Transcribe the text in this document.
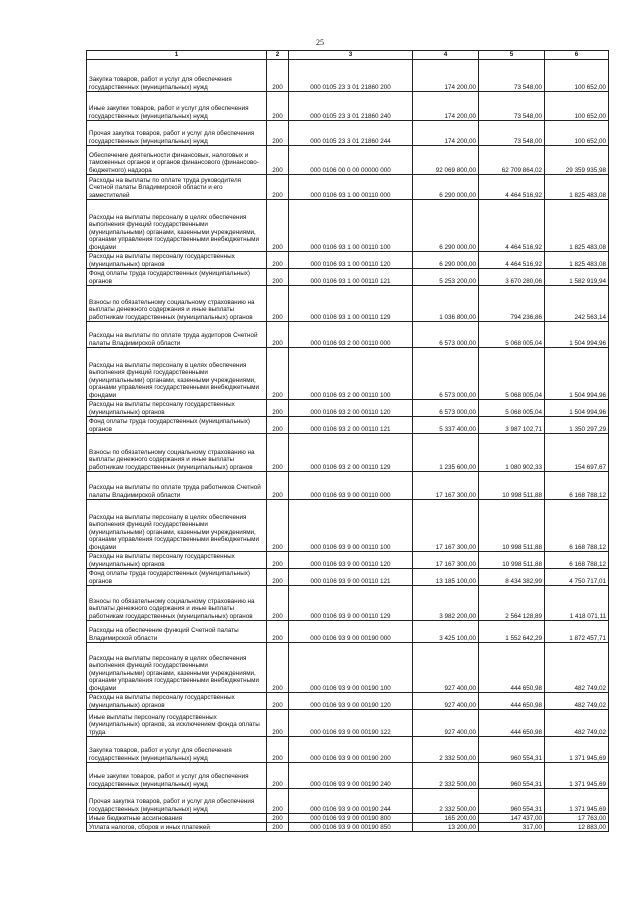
25
1	2	3	4	5	6
Закупка товаров, работ и услуг для обеспечения государственных (муниципальных) нужд	200	000 0105 23 3 01 21860 200	174 200,00	73 548,00	100 652,00
Иные закупки товаров, работ и услуг для обеспечения государственных (муниципальных) нужд	200	000 0105 23 3 01 21860 240	174 200,00	73 548,00	100 652,00
Прочая закупка товаров, работ и услуг для обеспечения государственных (муниципальных) нужд	200	000 0105 23 3 01 21860 244	174 200,00	73 548,00	100 652,00
Обеспечение деятельности финансовых, налоговых и таможенных органов и органов финансового (финансово-бюджетного) надзора	200	000 0106 00 0 00 00000 000	92 069 800,00	62 709 864,02	29 359 935,98
Расходы на выплаты по оплате труда руководителя Счетной палаты Владимирской области и его заместителей	200	000 0106 93 1 00 00110 000	6 290 000,00	4 464 516,92	1 825 483,08
Расходы на выплаты персоналу в целях обеспечения выполнения функций государственными (муниципальными) органами, казенными учреждениями, органами управления государственными внебюджетными фондами	200	000 0106 93 1 00 00110 100	6 290 000,00	4 464 516,92	1 825 483,08
Расходы на выплаты персоналу государственных (муниципальных) органов	200	000 0106 93 1 00 00110 120	6 290 000,00	4 464 516,92	1 825 483,08
Фонд оплаты труда государственных (муниципальных) органов	200	000 0106 93 1 00 00110 121	5 253 200,00	3 670 280,06	1 582 919,94
Взносы по обязательному социальному страхованию на выплаты денежного содержания и иные выплаты работникам государственных (муниципальных) органов	200	000 0106 93 1 00 00110 129	1 036 800,00	794 236,86	242 563,14
Расходы на выплаты по оплате труда аудиторов Счетной палаты Владимирской области	200	000 0106 93 2 00 00110 000	6 573 000,00	5 068 005,04	1 504 994,96
Расходы на выплаты персоналу в целях обеспечения выполнения функций государственными (муниципальными) органами, казенными учреждениями, органами управления государственными внебюджетными фондами	200	000 0106 93 2 00 00110 100	6 573 000,00	5 068 005,04	1 504 994,96
Расходы на выплаты персоналу государственных (муниципальных) органов	200	000 0106 93 2 00 00110 120	6 573 000,00	5 068 005,04	1 504 994,96
Фонд оплаты труда государственных (муниципальных) органов	200	000 0106 93 2 00 00110 121	5 337 400,00	3 987 102,71	1 350 297,29
Взносы по обязательному социальному страхованию на выплаты денежного содержания и иные выплаты работникам государственных (муниципальных) органов	200	000 0106 93 2 00 00110 129	1 235 600,00	1 080 902,33	154 697,67
Расходы на выплаты по оплате труда работников Счетной палаты Владимирской области	200	000 0106 93 9 00 00110 000	17 167 300,00	10 998 511,88	6 168 788,12
Расходы на выплаты персоналу в целях обеспечения выполнения функций государственными (муниципальными) органами, казенными учреждениями, органами управления государственными внебюджетными фондами	200	000 0106 93 9 00 00110 100	17 167 300,00	10 998 511,88	6 168 788,12
Расходы на выплаты персоналу государственных (муниципальных) органов	200	000 0106 93 9 00 00110 120	17 167 300,00	10 998 511,88	6 168 788,12
Фонд оплаты труда государственных (муниципальных) органов	200	000 0106 93 9 00 00110 121	13 185 100,00	8 434 382,99	4 750 717,01
Взносы по обязательному социальному страхованию на выплаты денежного содержания и иные выплаты работникам государственных (муниципальных) органов	200	000 0106 93 9 00 00110 129	3 982 200,00	2 564 128,89	1 418 071,11
Расходы на обеспечение функций Счетной палаты Владимирской области	200	000 0106 93 9 00 00190 000	3 425 100,00	1 552 642,29	1 872 457,71
Расходы на выплаты персоналу в целях обеспечения выполнения функций государственными (муниципальными) органами, казенными учреждениями, органами управления государственными внебюджетными фондами	200	000 0106 93 9 00 00190 100	927 400,00	444 650,98	482 749,02
Расходы на выплаты персоналу государственных (муниципальных) органов	200	000 0106 93 9 00 00190 120	927 400,00	444 650,98	482 749,02
Иные выплаты персоналу государственных (муниципальных) органов, за исключением фонда оплаты труда	200	000 0106 93 9 00 00190 122	927 400,00	444 650,98	482 749,02
Закупка товаров, работ и услуг для обеспечения государственных (муниципальных) нужд	200	000 0106 93 9 00 00190 200	2 332 500,00	960 554,31	1 371 945,69
Иные закупки товаров, работ и услуг для обеспечения государственных (муниципальных) нужд	200	000 0106 93 9 00 00190 240	2 332 500,00	960 554,31	1 371 945,69
Прочая закупка товаров, работ и услуг для обеспечения государственных (муниципальных) нужд	200	000 0106 93 9 00 00190 244	2 332 500,00	960 554,31	1 371 945,69
Иные бюджетные ассигнования	200	000 0106 93 9 00 00190 800	165 200,00	147 437,00	17 763,00
Уплата налогов, сборов и иных платежей	200	000 0106 93 9 00 00190 850	13 200,00	317,00	12 883,00
